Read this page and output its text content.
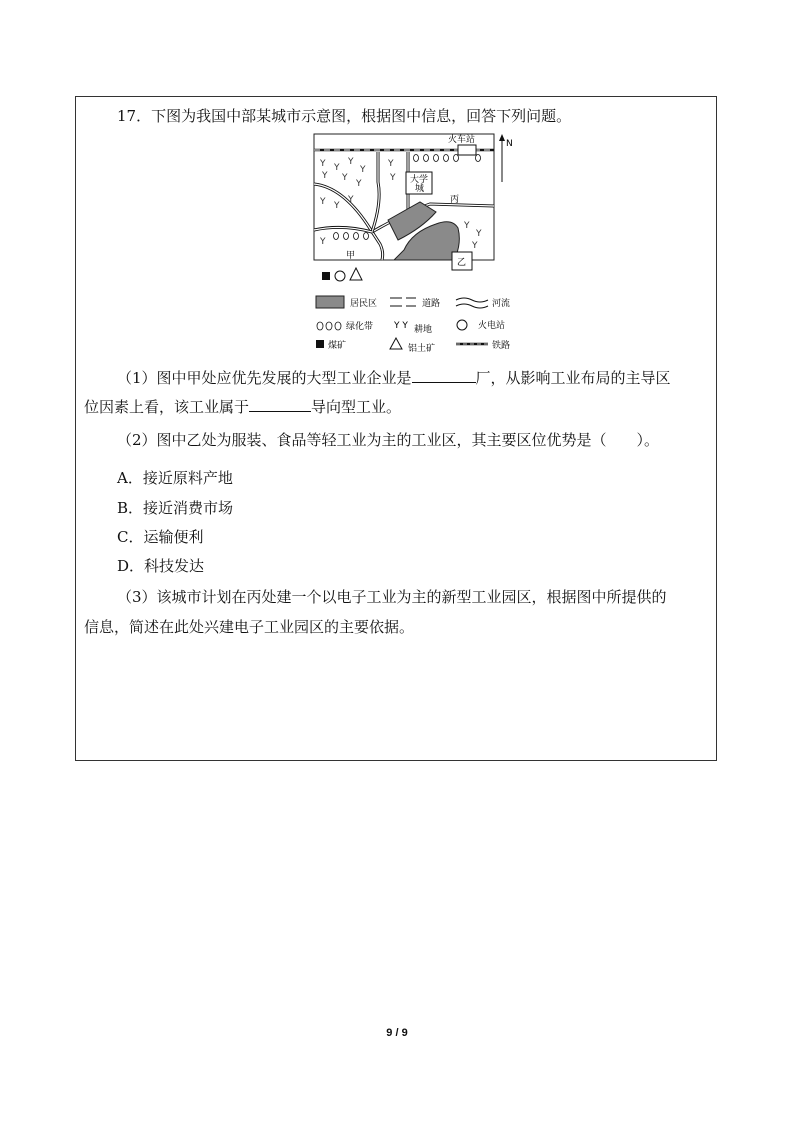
17．下图为我国中部某城市示意图，根据图中信息，回答下列问题。
火车站	N
大学
城
丙
甲
乙
Y Y
Y
Y
Y Y
Y
Y
Y
Y Y
Y
Y
Y
Y
Y
居民区	道路	河流
绿化带 Y Y 耕地	火电站
煤矿	铝土矿	铁路
（1）图中甲处应优先发展的大型工业企业是	厂，从影响工业布局的主导区
位因素上看，该工业属于	导向型工业。
（2）图中乙处为服装、食品等轻工业为主的工业区，其主要区位优势是（ ）。
A．接近原料产地
B．接近消费市场
C．运输便利
D．科技发达
（3）该城市计划在丙处建一个以电子工业为主的新型工业园区，根据图中所提供的
信息，简述在此处兴建电子工业园区的主要依据。
9 / 9
